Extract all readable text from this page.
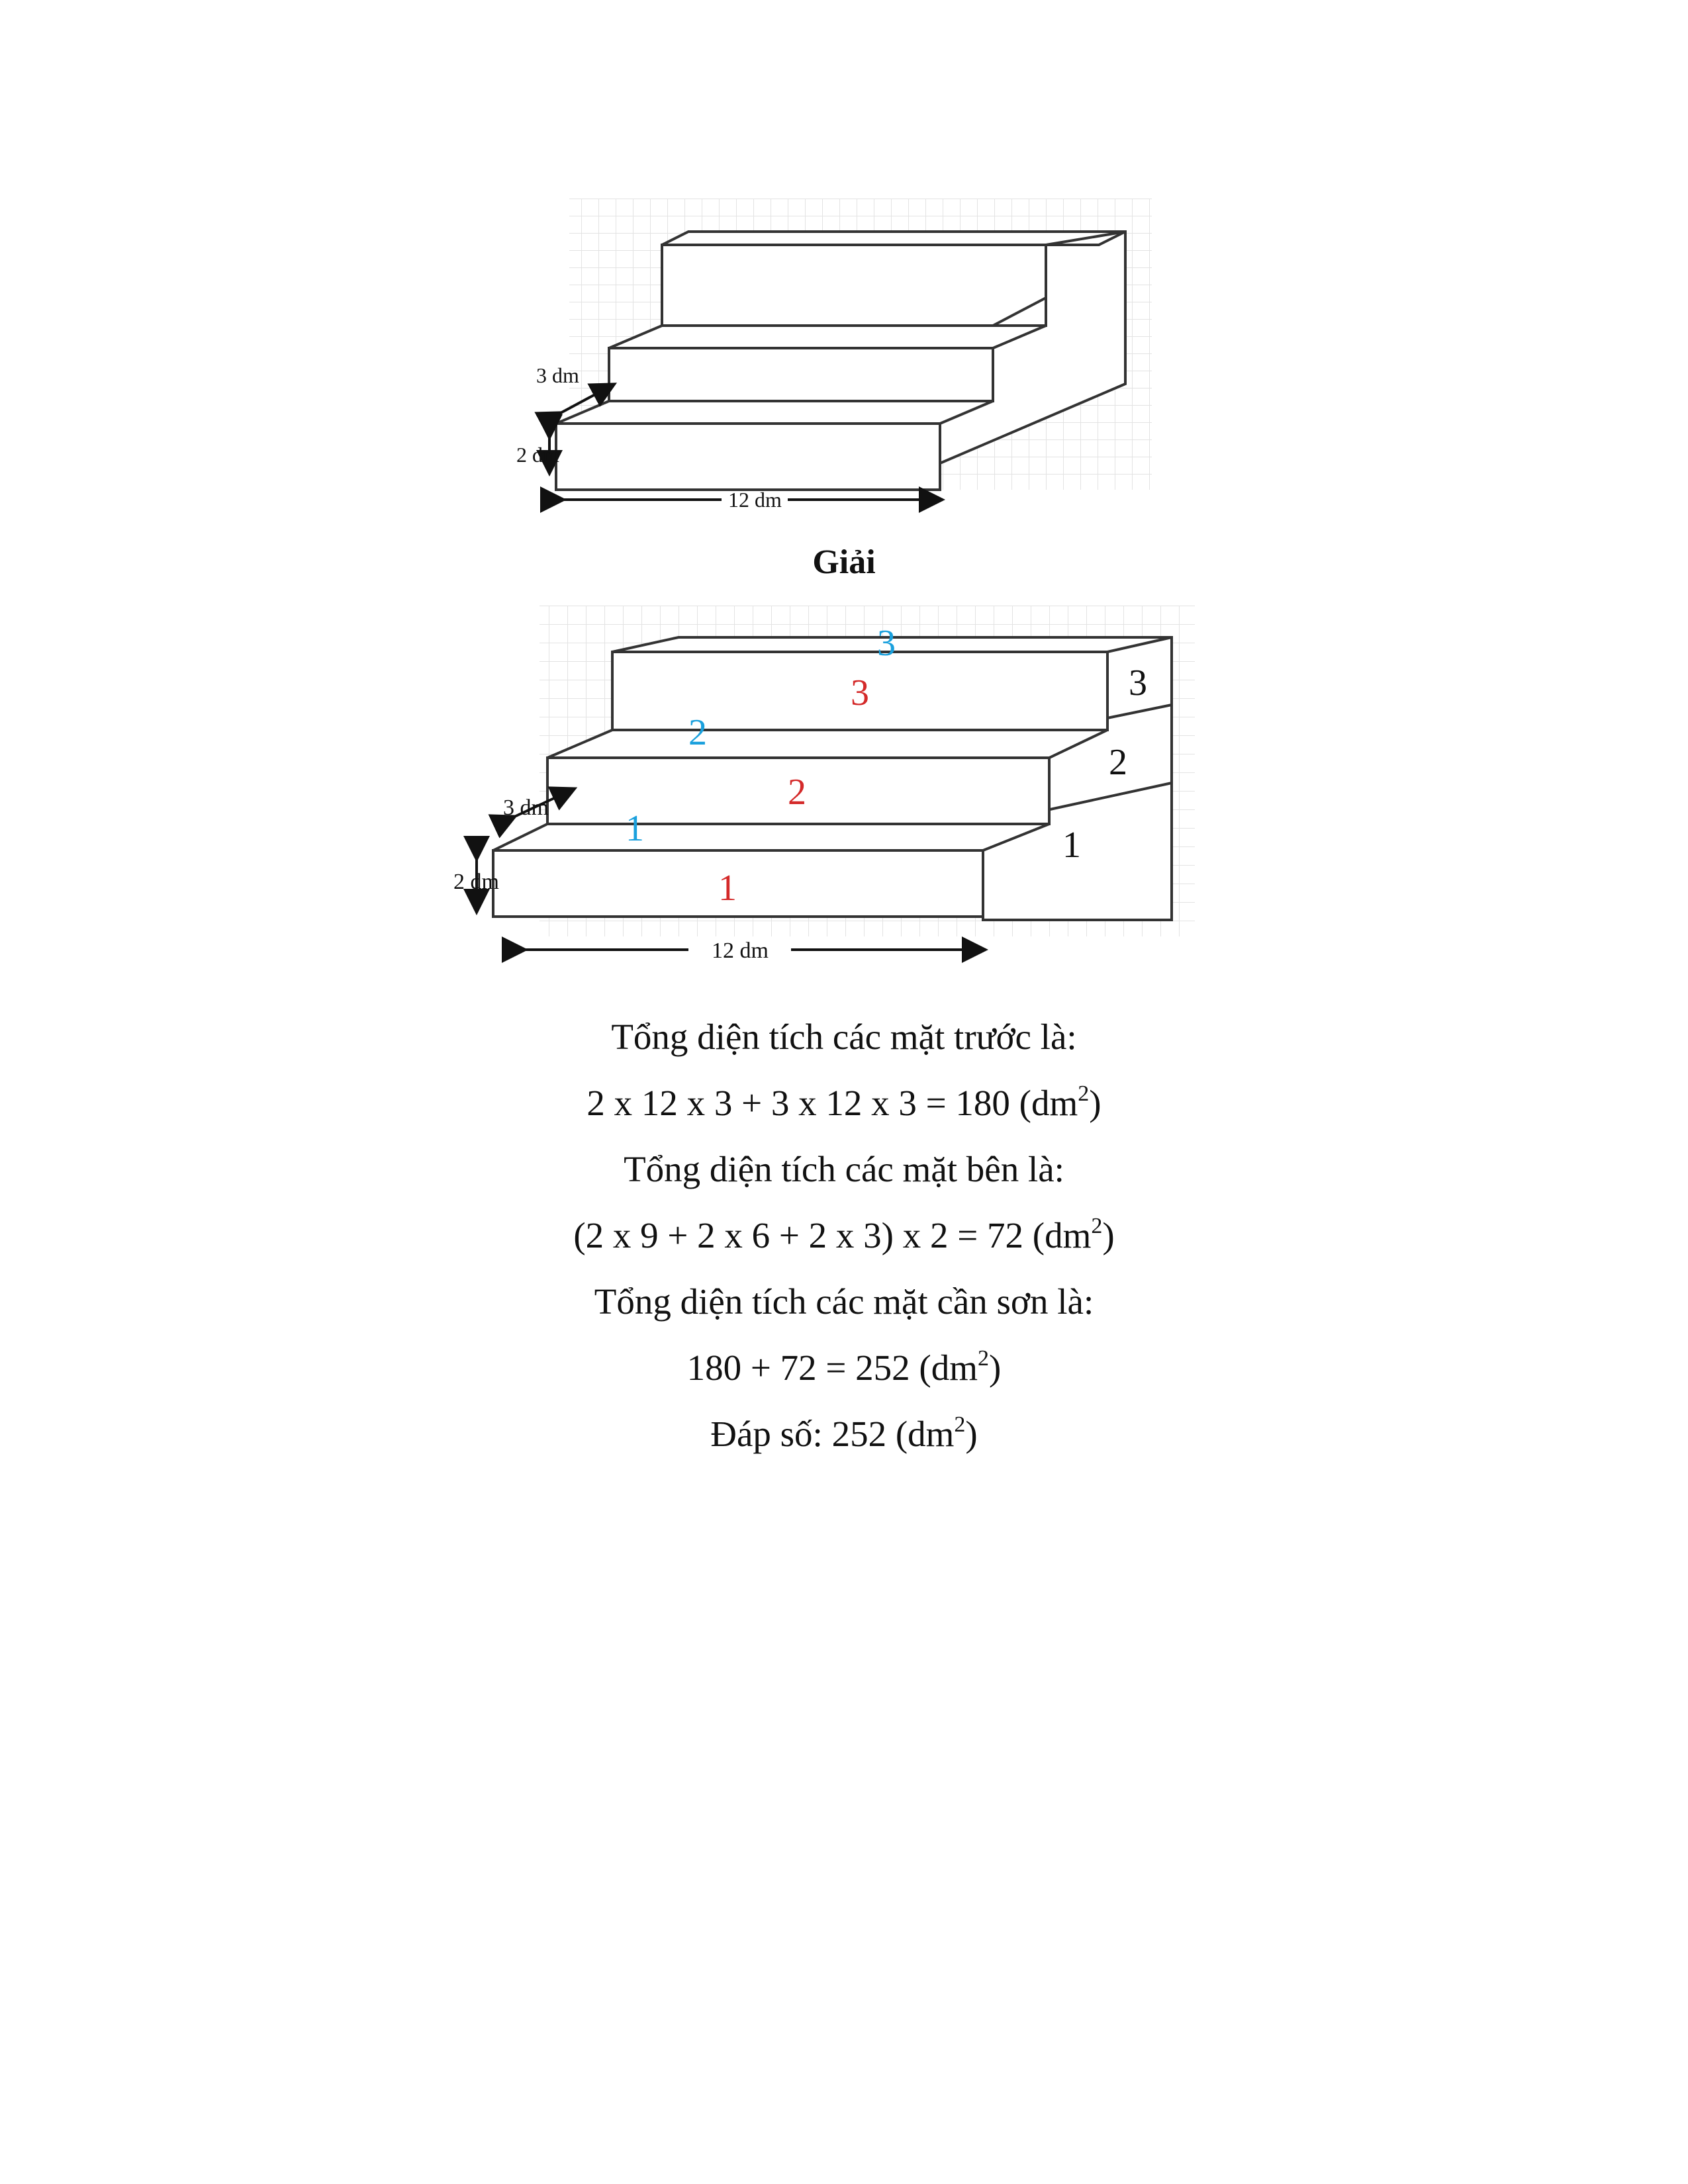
3 dm
2 dm
12 dm
Giải
3 dm
2 dm
12 dm
1
2
3
1
2
3
1
2
3
Tổng diện tích các mặt trước là:
2 x 12 x 3 + 3 x 12 x 3 = 180 $(dm^2)$
Tổng diện tích các mặt bên là:
(2 x 9 + 2 x 6 + 2 x 3) x 2 = 72 $(dm^2)$
Tổng diện tích các mặt cần sơn là:
180 + 72 = 252 $(dm^2)$
Đáp số: 252 $(dm^2)$
